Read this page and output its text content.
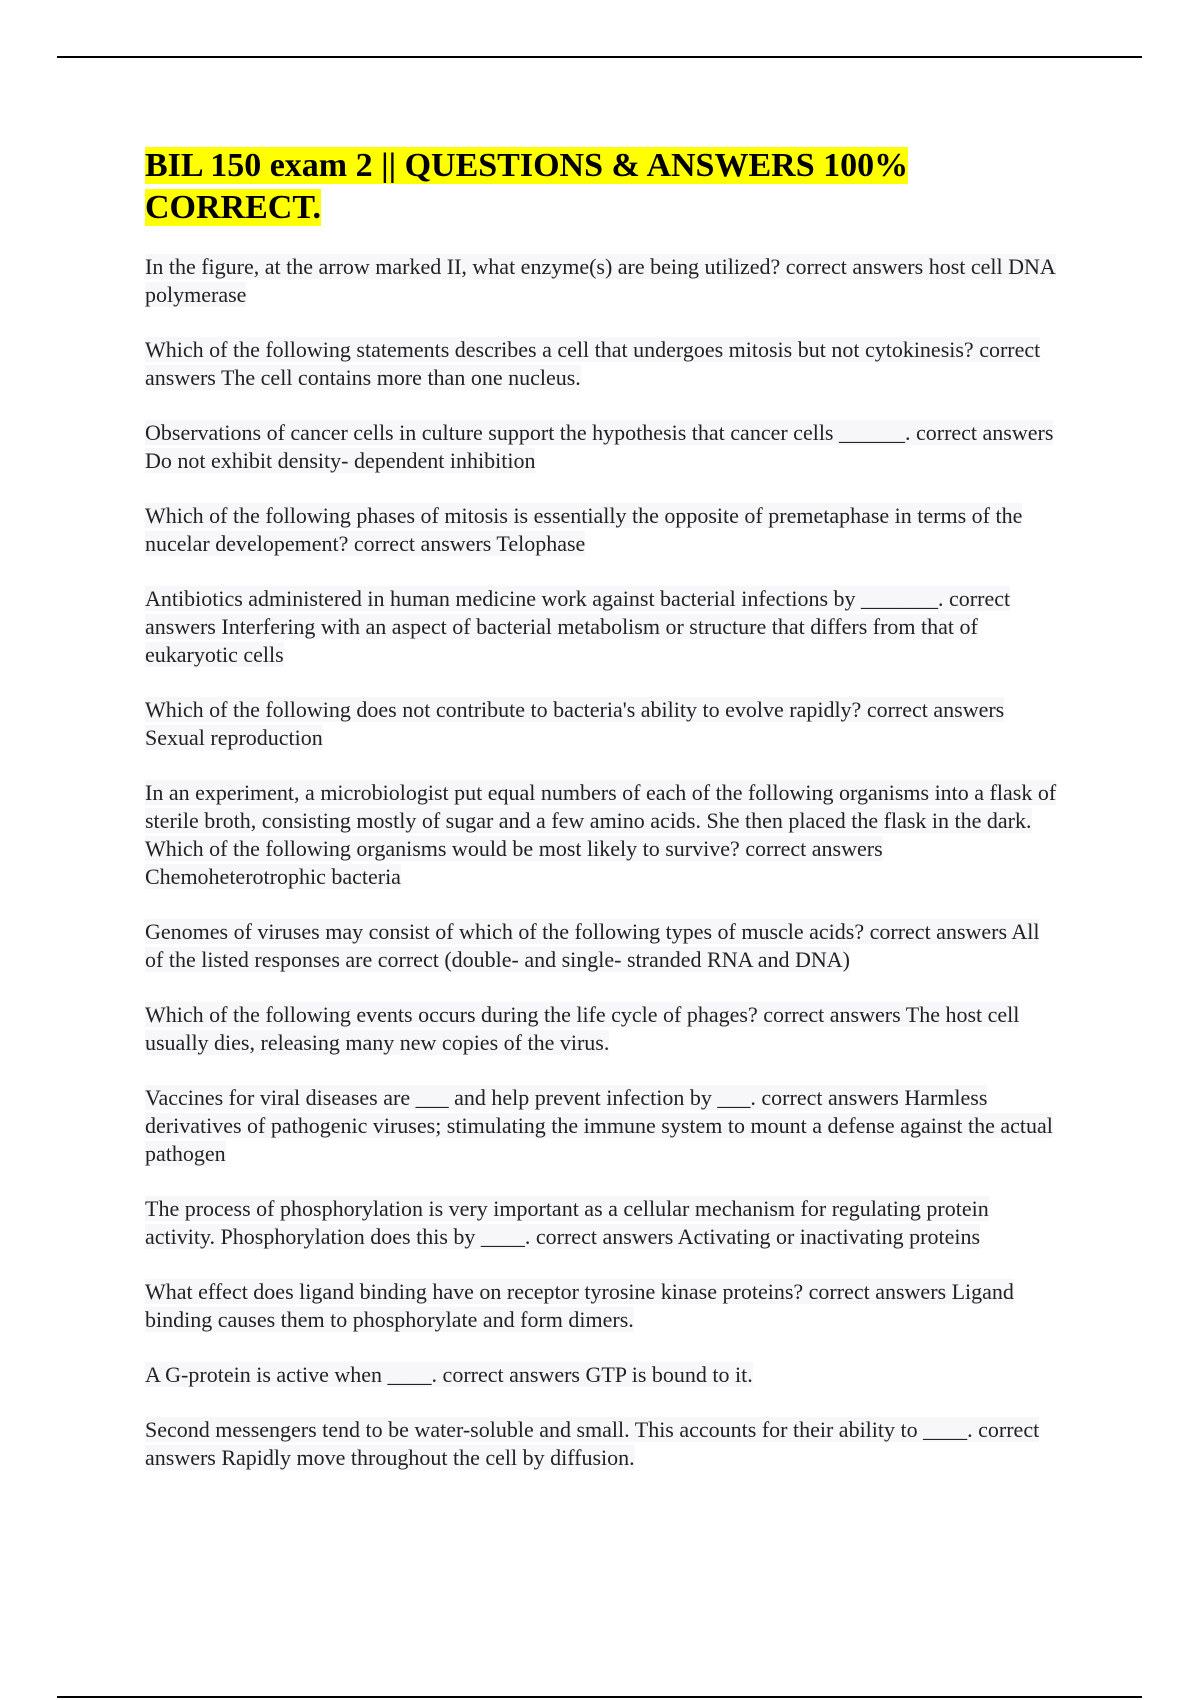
BIL 150 exam 2 || QUESTIONS & ANSWERS 100% CORRECT.

In the figure, at the arrow marked II, what enzyme(s) are being utilized? correct answers host cell DNA polymerase

Which of the following statements describes a cell that undergoes mitosis but not cytokinesis? correct answers The cell contains more than one nucleus.

Observations of cancer cells in culture support the hypothesis that cancer cells ______. correct answers Do not exhibit density- dependent inhibition

Which of the following phases of mitosis is essentially the opposite of premetaphase in terms of the nucelar developement? correct answers Telophase

Antibiotics administered in human medicine work against bacterial infections by _______. correct answers Interfering with an aspect of bacterial metabolism or structure that differs from that of eukaryotic cells

Which of the following does not contribute to bacteria's ability to evolve rapidly? correct answers Sexual reproduction

In an experiment, a microbiologist put equal numbers of each of the following organisms into a flask of sterile broth, consisting mostly of sugar and a few amino acids. She then placed the flask in the dark. Which of the following organisms would be most likely to survive? correct answers Chemoheterotrophic bacteria

Genomes of viruses may consist of which of the following types of muscle acids? correct answers All of the listed responses are correct (double- and single- stranded RNA and DNA)

Which of the following events occurs during the life cycle of phages? correct answers The host cell usually dies, releasing many new copies of the virus.

Vaccines for viral diseases are ___ and help prevent infection by ___. correct answers Harmless derivatives of pathogenic viruses; stimulating the immune system to mount a defense against the actual pathogen

The process of phosphorylation is very important as a cellular mechanism for regulating protein activity. Phosphorylation does this by ____. correct answers Activating or inactivating proteins

What effect does ligand binding have on receptor tyrosine kinase proteins? correct answers Ligand binding causes them to phosphorylate and form dimers.

A G-protein is active when ____. correct answers GTP is bound to it.

Second messengers tend to be water-soluble and small. This accounts for their ability to ____. correct answers Rapidly move throughout the cell by diffusion.
